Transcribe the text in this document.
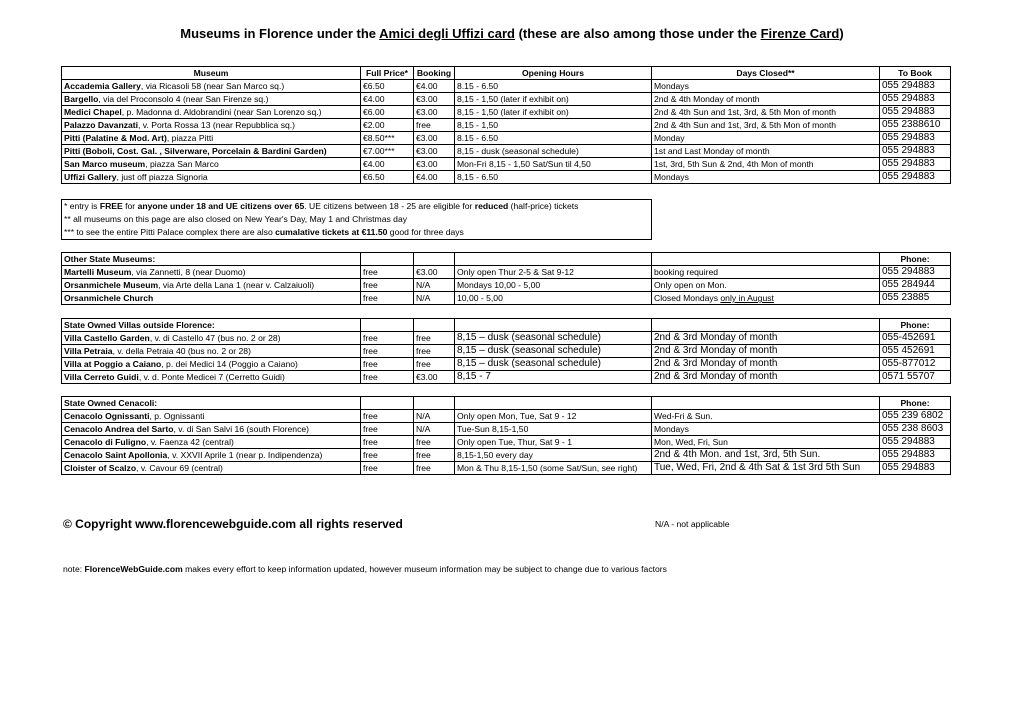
Museums in Florence under the Amici degli Uffizi card (these are also among those under the Firenze Card)
Museum	Full Price*	Booking	Opening Hours	Days Closed**	To Book
Accademia Gallery, via Ricasoli 58 (near San Marco sq.)	€6.50	€4.00	8.15 - 6.50	Mondays	055 294883
Bargello, via del Proconsolo 4 (near San Firenze sq.)	€4.00	€3.00	8,15 - 1,50 (later if exhibit on)	2nd & 4th Monday of month	055 294883
Medici Chapel, p. Madonna d. Aldobrandini (near San Lorenzo sq.)	€6.00	€3.00	8,15 - 1,50 (later if exhibit on)	2nd & 4th Sun and 1st, 3rd, & 5th Mon of month	055 294883
Palazzo Davanzati, v. Porta Rossa 13 (near Repubblica sq.)	€2.00	free	8,15 - 1,50	2nd & 4th Sun and 1st, 3rd, & 5th Mon of month	055 2388610
Pitti (Palatine & Mod. Art), piazza Pitti	€8.50***	€3.00	8.15 - 6.50	Monday	055 294883
Pitti (Boboli, Cost. Gal. , Silverware, Porcelain & Bardini Garden)	€7.00***	€3.00	8,15 - dusk (seasonal schedule)	1st and Last Monday of month	055 294883
San Marco museum, piazza San Marco	€4.00	€3.00	Mon-Fri 8,15 - 1,50 Sat/Sun til 4,50	1st, 3rd, 5th Sun & 2nd, 4th Mon of month	055 294883
Uffizi Gallery, just off piazza Signoria	€6.50	€4.00	8,15 - 6.50	Mondays	055 294883
* entry is FREE for anyone under 18 and UE citizens over 65. UE citizens between 18 - 25 are eligible for reduced (half-price) tickets
** all museums on this page are also closed on New Year's Day, May 1 and Christmas day
*** to see the entire Pitti Palace complex there are also cumalative tickets at €11.50 good for three days
Other State Museums:					Phone:
Martelli Museum, via Zannetti, 8 (near Duomo)	free	€3.00	Only open Thur 2-5 & Sat 9-12	booking required	055 294883
Orsanmichele Museum, via Arte della Lana 1 (near v. Calzaiuoli)	free	N/A	Mondays 10,00 - 5,00	Only open on Mon.	055 284944
Orsanmichele Church	free	N/A	10,00 - 5,00	Closed Mondays only in August	055 23885
State Owned Villas outside Florence:					Phone:
Villa Castello Garden, v. di Castello 47 (bus no. 2 or 28)	free	free	8,15 – dusk (seasonal schedule)	2nd & 3rd Monday of month	055-452691
Villa Petraia, v. della Petraia 40 (bus no. 2 or 28)	free	free	8,15 – dusk (seasonal schedule)	2nd & 3rd Monday of month	055 452691
Villa at Poggio a Caiano, p. dei Medici 14 (Poggio a Caiano)	free	free	8,15 – dusk (seasonal schedule)	2nd & 3rd Monday of month	055-877012
Villa Cerreto Guidi, v. d. Ponte Medicei 7 (Cerretto Guidi)	free	€3.00	8,15 - 7	2nd & 3rd Monday of month	0571 55707
State Owned Cenacoli:					Phone:
Cenacolo Ognissanti, p. Ognissanti	free	N/A	Only open Mon, Tue, Sat 9 - 12	Wed-Fri & Sun.	055 239 6802
Cenacolo Andrea del Sarto, v. di San Salvi 16 (south Florence)	free	N/A	Tue-Sun 8,15-1,50	Mondays	055 238 8603
Cenacolo di Fuligno, v. Faenza 42 (central)	free	free	Only open Tue, Thur, Sat 9 - 1	Mon, Wed, Fri, Sun	055 294883
Cenacolo Saint Apollonia, v. XXVII Aprile 1 (near p. Indipendenza)	free	free	8,15-1,50 every day	2nd & 4th Mon. and 1st, 3rd, 5th Sun.	055 294883
Cloister of Scalzo, v. Cavour 69 (central)	free	free	Mon & Thu 8,15-1,50 (some Sat/Sun, see right)	Tue, Wed, Fri, 2nd & 4th Sat & 1st 3rd 5th Sun	055 294883
© Copyright www.florencewebguide.com all rights reserved	N/A - not applicable
note: FlorenceWebGuide.com makes every effort to keep information updated, however museum information may be subject to change due to various factors
